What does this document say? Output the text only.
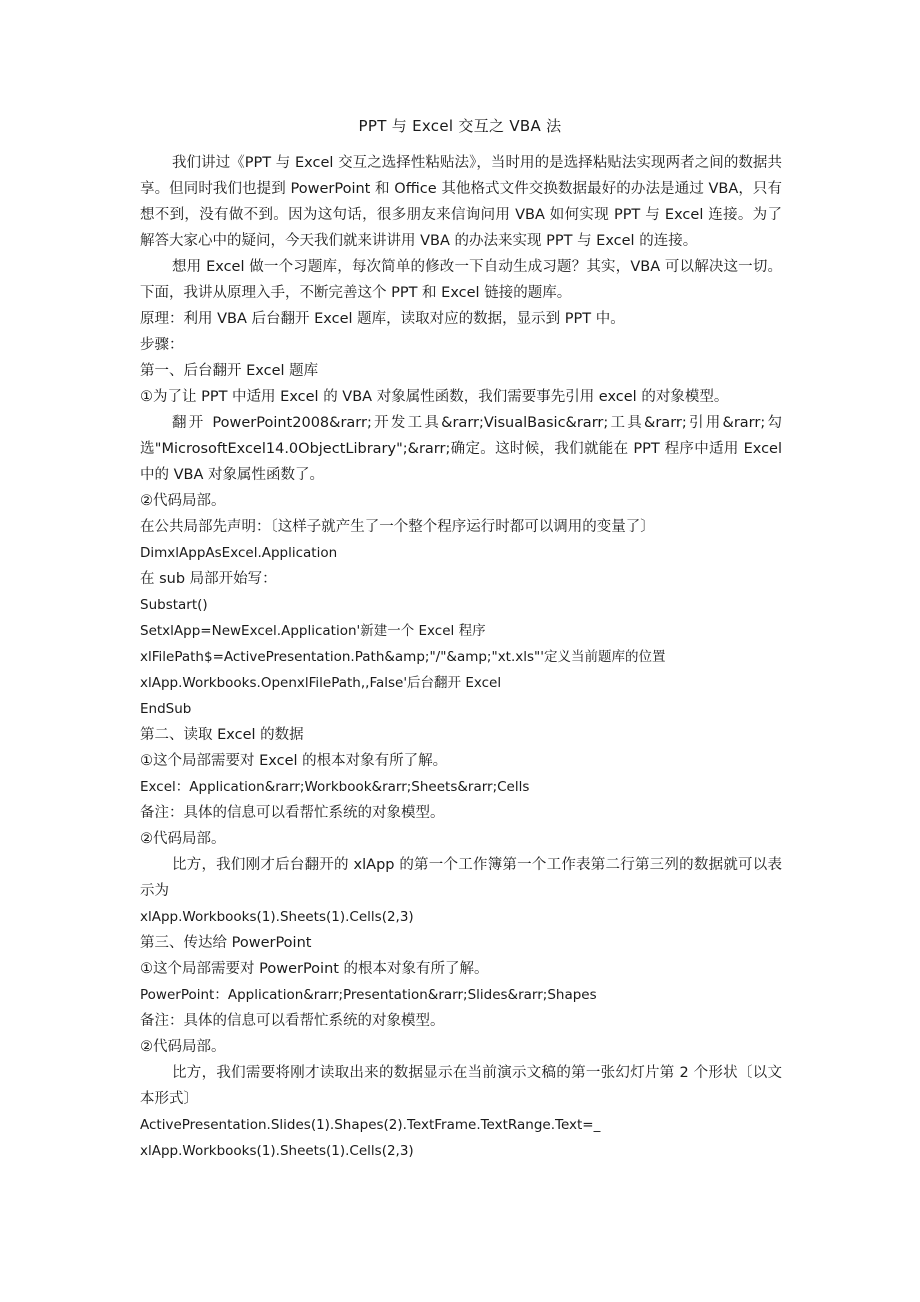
PPT 与 Excel 交互之 VBA 法

我们讲过《PPT 与 Excel 交互之选择性粘贴法》，当时用的是选择粘贴法实现两者之间的数据共享。但同时我们也提到 PowerPoint 和 Office 其他格式文件交换数据最好的办法是通过 VBA，只有想不到，没有做不到。因为这句话，很多朋友来信询问用 VBA 如何实现 PPT 与 Excel 连接。为了解答大家心中的疑问，今天我们就来讲讲用 VBA 的办法来实现 PPT 与 Excel 的连接。

想用 Excel 做一个习题库，每次简单的修改一下自动生成习题？其实，VBA 可以解决这一切。下面，我讲从原理入手，不断完善这个 PPT 和 Excel 链接的题库。

原理：利用 VBA 后台翻开 Excel 题库，读取对应的数据，显示到 PPT 中。

步骤：

第一、后台翻开 Excel 题库

①为了让 PPT 中适用 Excel 的 VBA 对象属性函数，我们需要事先引用 excel 的对象模型。

翻开 PowerPoint2008&rarr;开发工具&rarr;VisualBasic&rarr;工具&rarr;引用&rarr;勾选"MicrosoftExcel14.0ObjectLibrary";&rarr;确定。这时候，我们就能在 PPT 程序中适用 Excel 中的 VBA 对象属性函数了。

②代码局部。

在公共局部先声明：〔这样子就产生了一个整个程序运行时都可以调用的变量了〕

DimxlAppAsExcel.Application

在 sub 局部开始写：

Substart()

SetxlApp=NewExcel.Application'新建一个 Excel 程序

xlFilePath$=ActivePresentation.Path&amp;"/"&amp;"xt.xls"'定义当前题库的位置

xlApp.Workbooks.OpenxlFilePath,,False'后台翻开 Excel

EndSub

第二、读取 Excel 的数据

①这个局部需要对 Excel 的根本对象有所了解。

Excel：Application&rarr;Workbook&rarr;Sheets&rarr;Cells

备注：具体的信息可以看帮忙系统的对象模型。

②代码局部。

比方，我们刚才后台翻开的 xlApp 的第一个工作簿第一个工作表第二行第三列的数据就可以表示为

xlApp.Workbooks(1).Sheets(1).Cells(2,3)

第三、传达给 PowerPoint

①这个局部需要对 PowerPoint 的根本对象有所了解。

PowerPoint：Application&rarr;Presentation&rarr;Slides&rarr;Shapes

备注：具体的信息可以看帮忙系统的对象模型。

②代码局部。

比方，我们需要将刚才读取出来的数据显示在当前演示文稿的第一张幻灯片第 2 个形状〔以文本形式〕

ActivePresentation.Slides(1).Shapes(2).TextFrame.TextRange.Text=_

xlApp.Workbooks(1).Sheets(1).Cells(2,3)
